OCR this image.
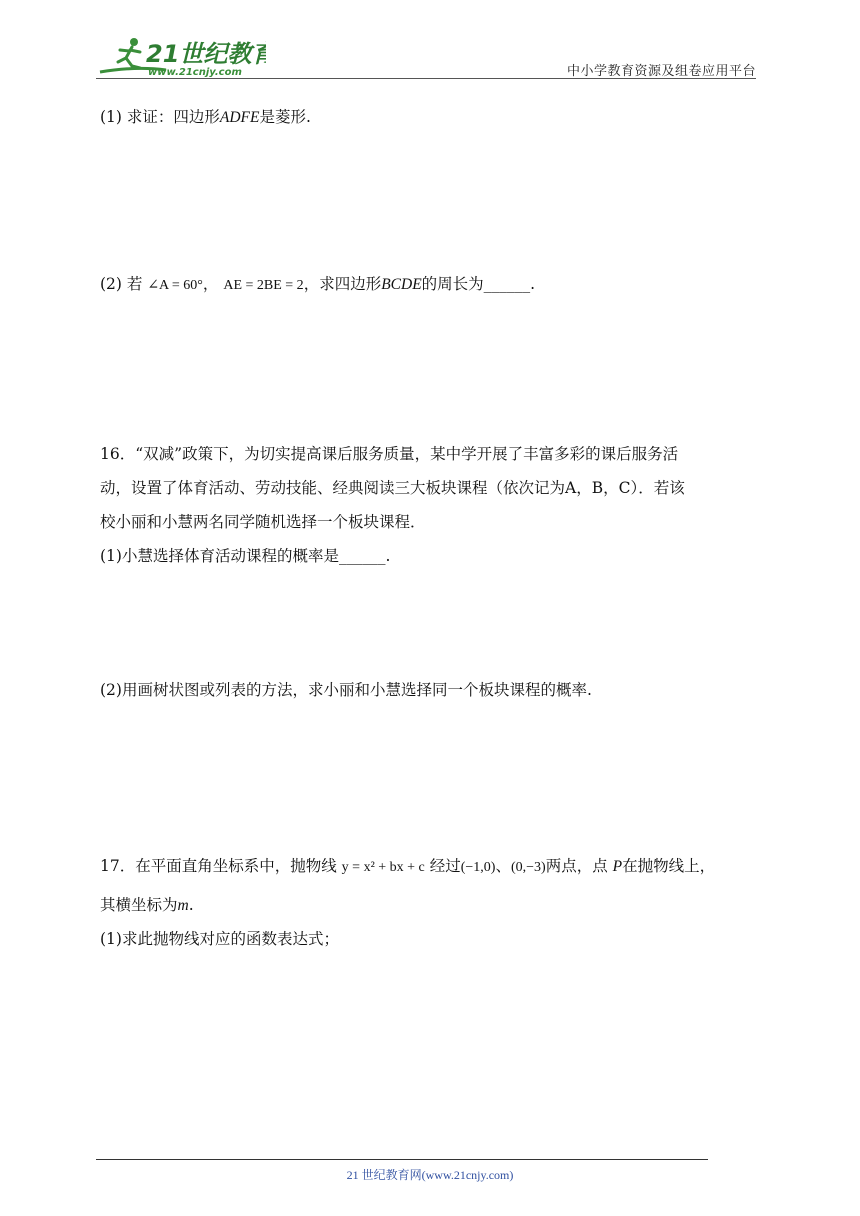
21世纪教育
www.21cnjy.com	中小学教育资源及组卷应用平台
(1) 求证：四边形ADFE是菱形.
(2) 若 ∠A = 60°， AE = 2BE = 2，求四边形BCDE的周长为______.
16．“双减”政策下，为切实提高课后服务质量，某中学开展了丰富多彩的课后服务活
动，设置了体育活动、劳动技能、经典阅读三大板块课程（依次记为A，B，C）．若该
校小丽和小慧两名同学随机选择一个板块课程．
(1)小慧选择体育活动课程的概率是______.
(2)用画树状图或列表的方法，求小丽和小慧选择同一个板块课程的概率.
17．在平面直角坐标系中，抛物线 y = x² + bx + c 经过(−1,0)、(0,−3)两点，点 P在抛物线上，
其横坐标为m.
(1)求此抛物线对应的函数表达式；
21 世纪教育网(www.21cnjy.com)
